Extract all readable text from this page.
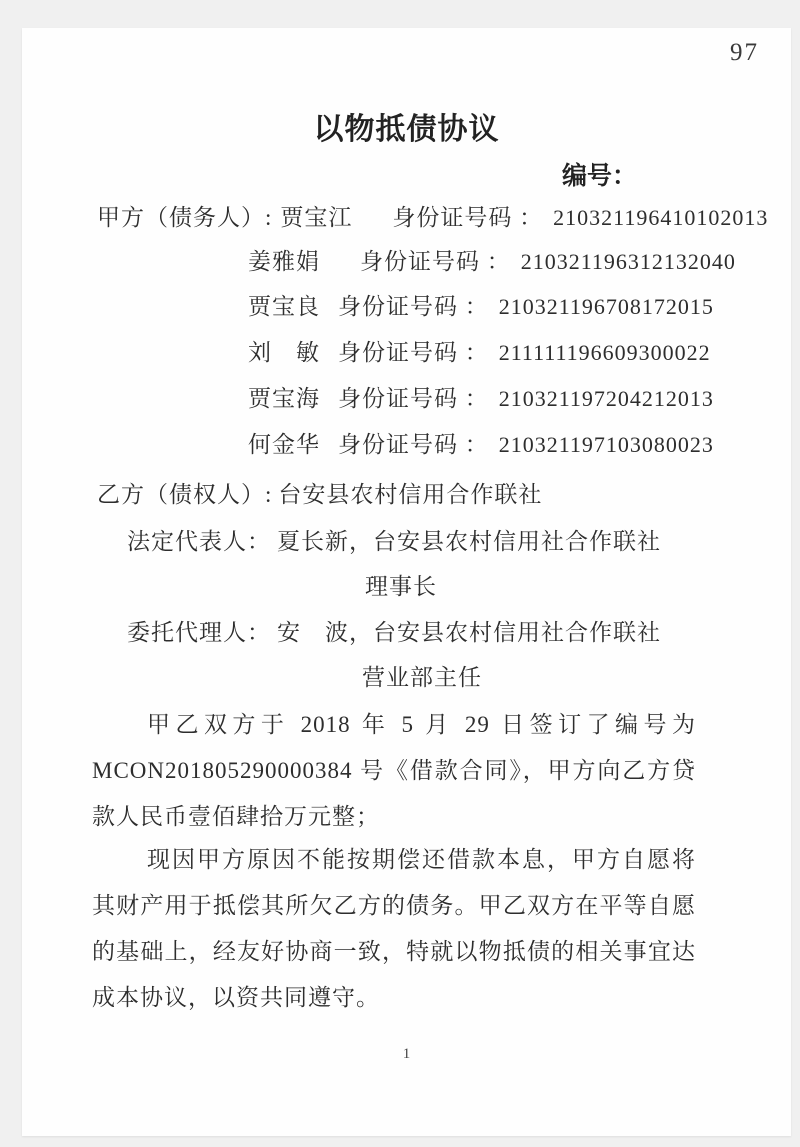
97
以物抵债协议
编号：
甲方（债务人）: 贾宝江 身份证号码 ： 210321196410102013
姜雅娟 身份证号码 ： 210321196312132040
贾宝良 身份证号码 ： 210321196708172015
刘　敏 身份证号码 ： 211111196609300022
贾宝海 身份证号码 ： 210321197204212013
何金华 身份证号码 ： 210321197103080023
乙方（债权人）: 台安县农村信用合作联社
法定代表人： 夏长新，台安县农村信用社合作联社
理事长
委托代理人： 安　波，台安县农村信用社合作联社
营业部主任
甲乙双方于 2018 年 5 月 29 日签订了编号为 MCON201805290000384 号《借款合同》，甲方向乙方贷款人民币壹佰肆拾万元整；
现因甲方原因不能按期偿还借款本息，甲方自愿将其财产用于抵偿其所欠乙方的债务。甲乙双方在平等自愿的基础上，经友好协商一致，特就以物抵债的相关事宜达成本协议，以资共同遵守。
1
